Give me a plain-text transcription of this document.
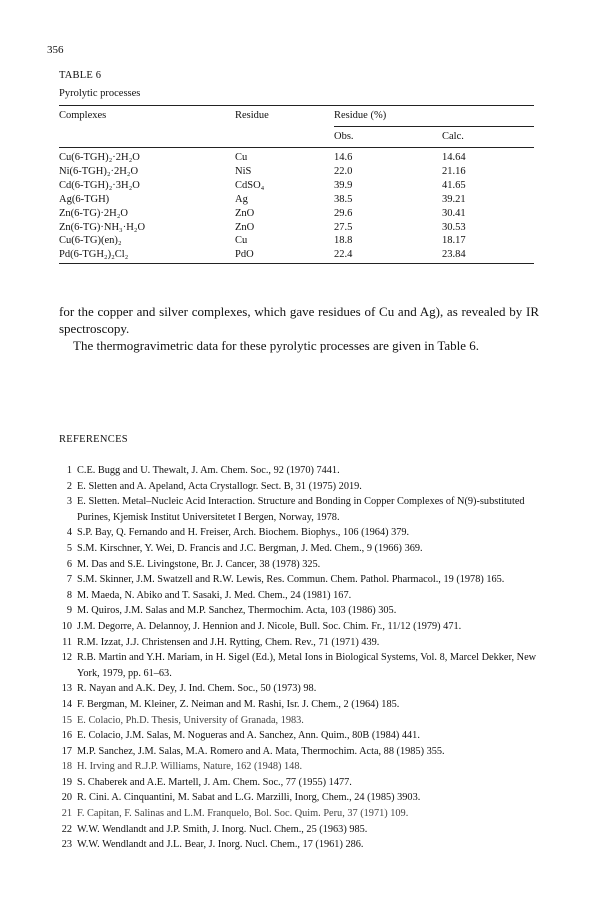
356
TABLE 6
Pyrolytic processes
Complexes	Residue	Residue (%)
Obs.	Calc.
Cu(6-TGH)₂·2H₂O	Cu	14.6	14.64
Ni(6-TGH)₂·2H₂O	NiS	22.0	21.16
Cd(6-TGH)₂·3H₂O	CdSO₄	39.9	41.65
Ag(6-TGH)	Ag	38.5	39.21
Zn(6-TG)·2H₂O	ZnO	29.6	30.41
Zn(6-TG)·NH₃·H₂O	ZnO	27.5	30.53
Cu(6-TG)(en)₂	Cu	18.8	18.17
Pd(6-TGH₂)₂Cl₂	PdO	22.4	23.84
for the copper and silver complexes, which gave residues of Cu and Ag), as revealed by IR spectroscopy.
The thermogravimetric data for these pyrolytic processes are given in Table 6.
REFERENCES
1 C.E. Bugg and U. Thewalt, J. Am. Chem. Soc., 92 (1970) 7441.
2 E. Sletten and A. Apeland, Acta Crystallogr. Sect. B, 31 (1975) 2019.
3 E. Sletten. Metal–Nucleic Acid Interaction. Structure and Bonding in Copper Complexes of N(9)-substituted Purines, Kjemisk Institut Universitetet I Bergen, Norway, 1978.
4 S.P. Bay, Q. Fernando and H. Freiser, Arch. Biochem. Biophys., 106 (1964) 379.
5 S.M. Kirschner, Y. Wei, D. Francis and J.C. Bergman, J. Med. Chem., 9 (1966) 369.
6 M. Das and S.E. Livingstone, Br. J. Cancer, 38 (1978) 325.
7 S.M. Skinner, J.M. Swatzell and R.W. Lewis, Res. Commun. Chem. Pathol. Pharmacol., 19 (1978) 165.
8 M. Maeda, N. Abiko and T. Sasaki, J. Med. Chem., 24 (1981) 167.
9 M. Quiros, J.M. Salas and M.P. Sanchez, Thermochim. Acta, 103 (1986) 305.
10 J.M. Degorre, A. Delannoy, J. Hennion and J. Nicole, Bull. Soc. Chim. Fr., 11/12 (1979) 471.
11 R.M. Izzat, J.J. Christensen and J.H. Rytting, Chem. Rev., 71 (1971) 439.
12 R.B. Martin and Y.H. Mariam, in H. Sigel (Ed.), Metal Ions in Biological Systems, Vol. 8, Marcel Dekker, New York, 1979, pp. 61–63.
13 R. Nayan and A.K. Dey, J. Ind. Chem. Soc., 50 (1973) 98.
14 F. Bergman, M. Kleiner, Z. Neiman and M. Rashi, Isr. J. Chem., 2 (1964) 185.
15 E. Colacio, Ph.D. Thesis, University of Granada, 1983.
16 E. Colacio, J.M. Salas, M. Nogueras and A. Sanchez, Ann. Quim., 80B (1984) 441.
17 M.P. Sanchez, J.M. Salas, M.A. Romero and A. Mata, Thermochim. Acta, 88 (1985) 355.
18 H. Irving and R.J.P. Williams, Nature, 162 (1948) 148.
19 S. Chaberek and A.E. Martell, J. Am. Chem. Soc., 77 (1955) 1477.
20 R. Cini. A. Cinquantini, M. Sabat and L.G. Marzilli, Inorg, Chem., 24 (1985) 3903.
21 F. Capitan, F. Salinas and L.M. Franquelo, Bol. Soc. Quim. Peru, 37 (1971) 109.
22 W.W. Wendlandt and J.P. Smith, J. Inorg. Nucl. Chem., 25 (1963) 985.
23 W.W. Wendlandt and J.L. Bear, J. Inorg. Nucl. Chem., 17 (1961) 286.
